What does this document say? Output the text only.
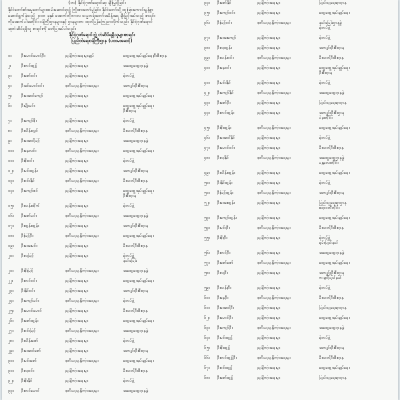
(ဘ) နိုင်ငံ့ဂုဏ်ရောင်ဆု ချီးမြှင့်ခြင်း
နိုင်ငံတော်၏အမှုတော်များထမ်းဆောင်ရာ၌ ကြိုးစားတော်မူခြင်း၊ နိုင်ငံတော်သို့ ထူးခြားကောင်းမွန်စွာ
ဆောင်ရွက်ခဲ့သည့် ၂၀၁၈ ခုနှစ် အောက်တိုဘာလ သမ္မတရုံးတော်အမိန့်အရ ချီးမြှင့်အပ်သည့် စာရင်း
ကိုအောက်ပါအတိုင်း ဝန်ကြီးဌာနများနှင့် ဌာနများက ထုတ်ပြန်ကြေညာလိုက်သည်။ နိုင်ငံ့ဂုဏ်ရောင်
ဆုတံဆိပ်ရရှိသူ စာရင်းကို ဖော်ပြအပ်ပါသည်။
နိုင်ငံ့ဂုဏ်ရောင်ဘွဲ့ တံဆိပ်ရရှိသူများစာရင်း
ပြည်ထဲရေးဝန်ကြီးဌာန (ပထမအဆင့်)
၁။	ဦးမောင်မောင်ဦး	ညွှန်ကြားရေးမှူးချုပ်	ထွေထွေအုပ်ချုပ်ရေးဦးစီးဌာန
၂။	ဦးတင်ထွဋ်	ညွှန်ကြားရေးမှူး	အထွေထွေဌာနခွဲ
၃။	ဦးဇော်ဝင်း	ညွှန်ကြားရေးမှူး	ရဲတပ်ဖွဲ့
၄။	ဦးခင်မောင်ဝင်း	ဒုတိယညွှန်ကြားရေးမှူး	အကျဉ်းဦးစီးဌာန
၅။	ဦးအောင်ကျော်	ညွှန်ကြားရေးမှူး	ထွေထွေအုပ်ချုပ်ရေး
၆။	ဦးမျိုးမင်း	ညွှန်ကြားရေးမှူး	ထွေထွေအုပ်ချုပ်ရေး
ဦးစီးဌာန
၇။	ဦးကျော်စိုး	ညွှန်ကြားရေးမှူး	ရဲတပ်ဖွဲ့
၈။	ဦးသိန်းလွင်	ဒုတိယညွှန်ကြားရေးမှူး	မီးသတ်ဦးစီးဌာန
၉။	ဦးအောင်မြင့်	ညွှန်ကြားရေးမှူး	အထွေထွေဌာနခွဲ
၁၀။	ဦးနေလင်း	ဒုတိယညွှန်ကြားရေးမှူး	ထွေထွေအုပ်ချုပ်ရေး
၁၁။	ဦးစိုးဝင်း	ညွှန်ကြားရေးမှူး	ရဲတပ်ဖွဲ့
၁၂။	ဦးမင်းထွန်း	ညွှန်ကြားရေးမှူး	အကျဉ်းဦးစီးဌာန
၁၃။	ဦးဝင်းနိုင်	ဒုတိယညွှန်ကြားရေးမှူး	မီးသတ်ဦးစီးဌာန
၁၄။	ဦးကျော်ဇင်	ညွှန်ကြားရေးမှူး	ထွေထွေအုပ်ချုပ်ရေး
ဦးစီးဌာန
၁၅။	ဦးသန်းထိုက်	ညွှန်ကြားရေးမှူး	ရဲတပ်ဖွဲ့
၁၆။	ဦးဇော်မင်း	ဒုတိယညွှန်ကြားရေးမှူး	အထွေထွေဌာနခွဲ
၁၇။	ဦးထွန်းထွန်း	ညွှန်ကြားရေးမှူး	အကျဉ်းဦးစီးဌာန
၁၈။	ဦးမြင့်ဦး	ဒုတိယညွှန်ကြားရေးမှူး	ထွေထွေအုပ်ချုပ်ရေး
၁၉။	ဦးအေးမင်း	ညွှန်ကြားရေးမှူး	မီးသတ်ဦးစီးဌာန
၂၀။	ဦးလှမြင့်	ညွှန်ကြားရေးမှူး	ရဲတပ်ဖွဲ့
နယ်မြေခံ
၂၁။	ဦးစိုးမြင့်	ဒုတိယညွှန်ကြားရေးမှူး	အထွေထွေဌာနခွဲ
၂၂။	ဦးတင်ဝင်း	ညွှန်ကြားရေးမှူး	ထွေထွေအုပ်ချုပ်ရေး
၂၃။	ဦးနိုင်ဝင်း	ညွှန်ကြားရေးမှူး	အကျဉ်းဦးစီးဌာန
၂၄။	ဦးကျော်မင်း	ဒုတိယညွှန်ကြားရေးမှူး	ရဲတပ်ဖွဲ့
၂၅။	ဦးမောင်မောင်	ညွှန်ကြားရေးမှူး	မီးသတ်ဦးစီးဌာန
၂၆။	ဦးဇော်ထွန်း	ညွှန်ကြားရေးမှူး	ထွေထွေအုပ်ချုပ်ရေး
၂၇။	ဦးဝင်းမြင့်	ဒုတိယညွှန်ကြားရေးမှူး	အထွေထွေဌာနခွဲ
၂၈။	ဦးသိန်းဇော်	ညွှန်ကြားရေးမှူး	ရဲတပ်ဖွဲ့
၂၉။	ဦးအောင်ဇော်	ညွှန်ကြားရေးမှူး	အကျဉ်းဦးစီးဌာန
၃၀။	ဦးမင်းဇော်	ဒုတိယညွှန်ကြားရေးမှူး	ထွေထွေအုပ်ချုပ်ရေး
၃၁။	ဦးလှဝင်း	ညွှန်ကြားရေးမှူး	မီးသတ်ဦးစီးဌာန
၃၂။	ဦးစိုးနိုင်	ညွှန်ကြားရေးမှူး	ရဲတပ်ဖွဲ့
၃၃။	ဦးတင်မောင်	ဒုတိယညွှန်ကြားရေးမှူး	အထွေထွေဌာနခွဲ
၃၄။	ဦးဇော်နိုင်	ညွှန်ကြားရေးမှူး	ပြည်သူ့ရေးရာဌာန
၃၅။	ဦးကျော်ဝင်း	ညွှန်ကြားရေးမှူး	ထွေထွေအုပ်ချုပ်ရေး
၃၆။	ဦးမြင့်ဝင်း	ဒုတိယညွှန်ကြားရေးမှူး	နယ်မြေခံဌာနခွဲ
ရဲတပ်ဖွဲ့
၃၇။	ဦးအေးကျော်	ညွှန်ကြားရေးမှူး	ရဲတပ်ဖွဲ့
၃၈။	ဦးလှထွန်း	ညွှန်ကြားရေးမှူး	အကျဉ်းဦးစီးဌာန
၃၉။	ဦးသန်းဝင်း	ဒုတိယညွှန်ကြားရေးမှူး	မီးသတ်ဦးစီးဌာန
၄၀။	ဦးနေဝင်း	ညွှန်ကြားရေးမှူး	ထွေထွေအုပ်ချုပ်ရေး
ဦးစီးဌာန
၄၁။	ဦးမင်းနိုင်	ညွှန်ကြားရေးမှူး	ရဲတပ်ဖွဲ့
၄၂။	ဦးကျော်နိုင်	ဒုတိယညွှန်ကြားရေးမှူး	အထွေထွေဌာနခွဲ
၄၃။	ဦးဇော်ဦး	ညွှန်ကြားရေးမှူး	ပြည်သူ့ရေးရာဌာန
၄၄။	ဦးတင်ထွန်း	ညွှန်ကြားရေးမှူး	အကျဉ်းဦးစီးဌာန
ပဲခူးတိုင်း
၄၅။	ဦးစိုးထွန်း	ဒုတိယညွှန်ကြားရေးမှူး	ထွေထွေအုပ်ချုပ်ရေး
၄၆။	ဦးအောင်နိုင်	ညွှန်ကြားရေးမှူး	ရဲတပ်ဖွဲ့
၄၇။	ဦးမောင်ဝင်း	ညွှန်ကြားရေးမှူး	မီးသတ်ဦးစီးဌာန
၄၈။	ဦးလှနိုင်	ဒုတိယညွှန်ကြားရေးမှူး	အထွေထွေဌာနခွဲ
မန္တလေးတိုင်း
၄၉။	ဦးသိန်းထွန်း	ညွှန်ကြားရေးမှူး	ထွေထွေအုပ်ချုပ်ရေး
၅၀။	ဦးနိုင်ထွန်း	ညွှန်ကြားရေးမှူး	ရဲတပ်ဖွဲ့
၅၁။	ဦးမြင့်ထွန်း	ဒုတိယညွှန်ကြားရေးမှူး	အကျဉ်းဦးစီးဌာန
၅၂။	ဦးအေးထွန်း	ညွှန်ကြားရေးမှူး	ပြည်သူ့ရေးရာဌာန
ဧရာဝတီတိုင်း
၅၃။	ဦးကျော်ထွန်း	ညွှန်ကြားရေးမှူး	ထွေထွေအုပ်ချုပ်ရေး
၅၄။	ဦးမင်းဦး	ဒုတိယညွှန်ကြားရေးမှူး	မီးသတ်ဦးစီးဌာန
၅၅။	ဦးစိုးဦး	ညွှန်ကြားရေးမှူး	ရဲတပ်ဖွဲ့
ရှမ်းပြည်နယ်
၅၆။	ဦးတင်ဦး	ညွှန်ကြားရေးမှူး	အထွေထွေဌာနခွဲ
၅၇။	ဦးဇော်ဇော်	ဒုတိယညွှန်ကြားရေးမှူး	ထွေထွေအုပ်ချုပ်ရေး
၅၈။	ဦးလှဦး	ညွှန်ကြားရေးမှူး	အကျဉ်းဦးစီးဌာန
ကချင်ပြည်နယ်
၅၉။	ဦးသန်းဦး	ညွှန်ကြားရေးမှူး	ရဲတပ်ဖွဲ့
၆၀။	ဦးနေဦး	ဒုတိယညွှန်ကြားရေးမှူး	မီးသတ်ဦးစီးဌာန
၆၁။	ဦးအောင်ဦး	ညွှန်ကြားရေးမှူး	ပြည်သူ့ရေးရာဌာန
၆၂။	ဦးမောင်ဦး	ညွှန်ကြားရေးမှူး	ထွေထွေအုပ်ချုပ်ရေး
၆၃။	ဦးကျော်ဦး	ဒုတိယညွှန်ကြားရေးမှူး	အထွေထွေဌာနခွဲ
၆၄။	ဦးမင်းထွဋ်	ညွှန်ကြားရေးမှူး	ရဲတပ်ဖွဲ့
၆၅။	ဦးစိုးထွဋ်	ညွှန်ကြားရေးမှူး	အကျဉ်းဦးစီးဌာန
၆၆။	ဦးတင်ထွဋ်ဦး	ဒုတိယညွှန်ကြားရေးမှူး	မီးသတ်ဦးစီးဌာန
၆၇။	ဦးဝင်းထွဋ်	ညွှန်ကြားရေးမှူး	ထွေထွေအုပ်ချုပ်ရေး
၆၈။	ဦးဇော်ထွဋ်	ညွှန်ကြားရေးမှူး	ပြည်သူ့ရေးရာဌာန
